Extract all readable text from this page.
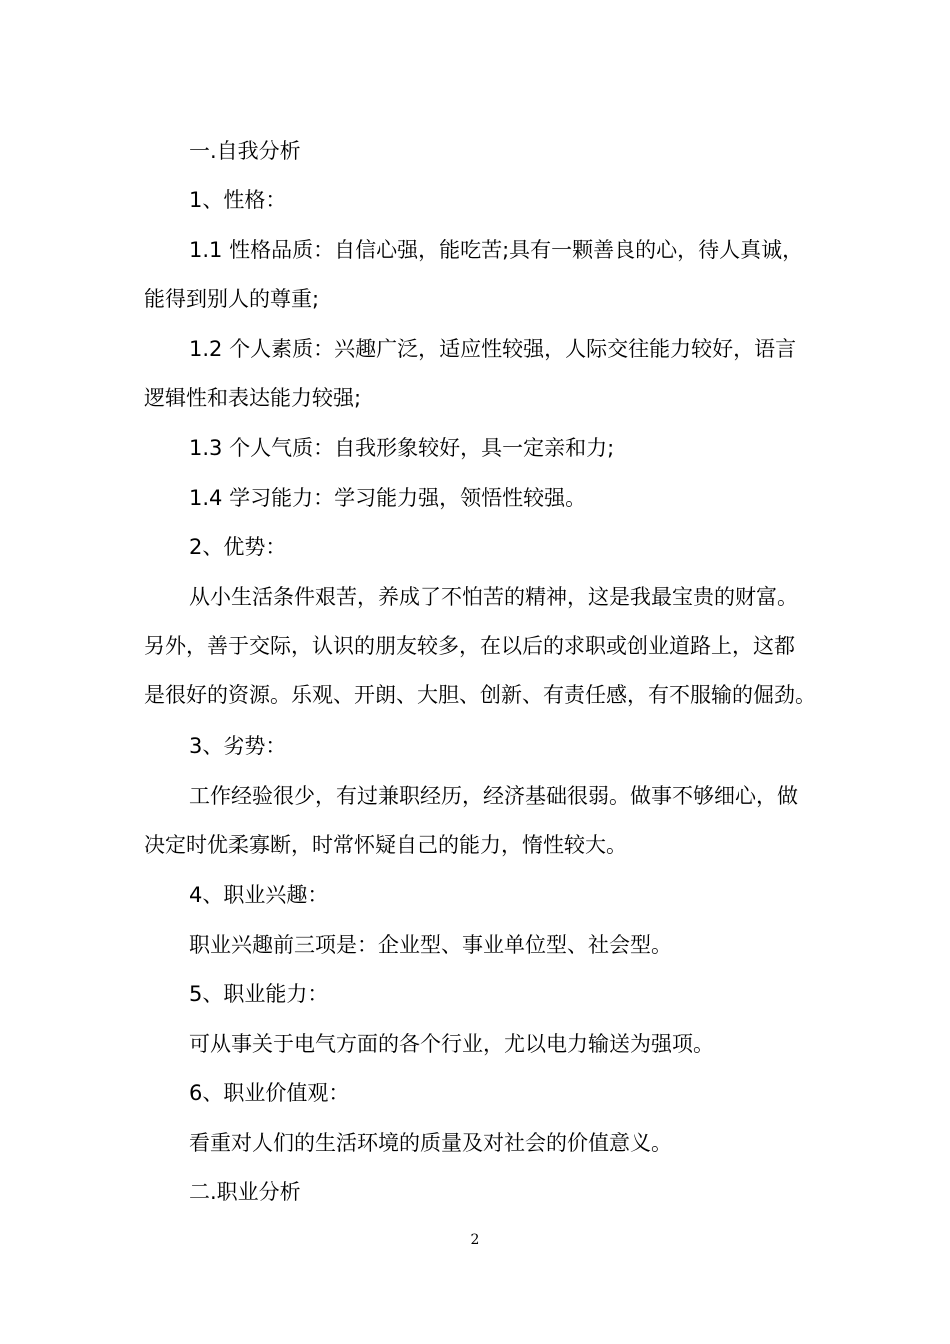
一.自我分析

1、性格：

1.1 性格品质：自信心强，能吃苦;具有一颗善良的心，待人真诚，
能得到别人的尊重;

1.2 个人素质：兴趣广泛，适应性较强，人际交往能力较好，语言
逻辑性和表达能力较强;

1.3 个人气质：自我形象较好，具一定亲和力;

1.4 学习能力：学习能力强，领悟性较强。

2、优势：

从小生活条件艰苦，养成了不怕苦的精神，这是我最宝贵的财富。
另外，善于交际，认识的朋友较多，在以后的求职或创业道路上，这都
是很好的资源。乐观、开朗、大胆、创新、有责任感，有不服输的倔劲。

3、劣势：

工作经验很少，有过兼职经历，经济基础很弱。做事不够细心，做
决定时优柔寡断，时常怀疑自己的能力，惰性较大。

4、职业兴趣：

职业兴趣前三项是：企业型、事业单位型、社会型。

5、职业能力：

可从事关于电气方面的各个行业，尤以电力输送为强项。

6、职业价值观：

看重对人们的生活环境的质量及对社会的价值意义。

二.职业分析

2
